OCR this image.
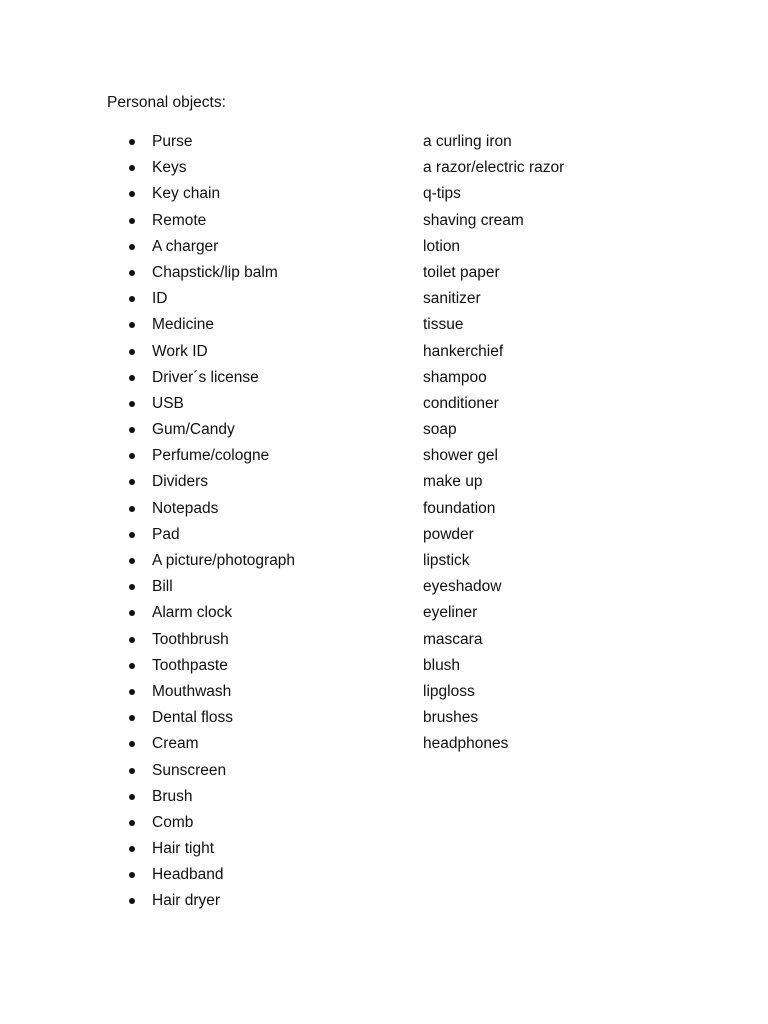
Personal objects:

Purse
Keys
Key chain
Remote
A charger
Chapstick/lip balm
ID
Medicine
Work ID
Driver´s license
USB
Gum/Candy
Perfume/cologne
Dividers
Notepads
Pad
A picture/photograph
Bill
Alarm clock
Toothbrush
Toothpaste
Mouthwash
Dental floss
Cream
Sunscreen
Brush
Comb
Hair tight
Headband
Hair dryer
a curling iron
a razor/electric razor
q-tips
shaving cream
lotion
toilet paper
sanitizer
tissue
hankerchief
shampoo
conditioner
soap
shower gel
make up
foundation
powder
lipstick
eyeshadow
eyeliner
mascara
blush
lipgloss
brushes
headphones
